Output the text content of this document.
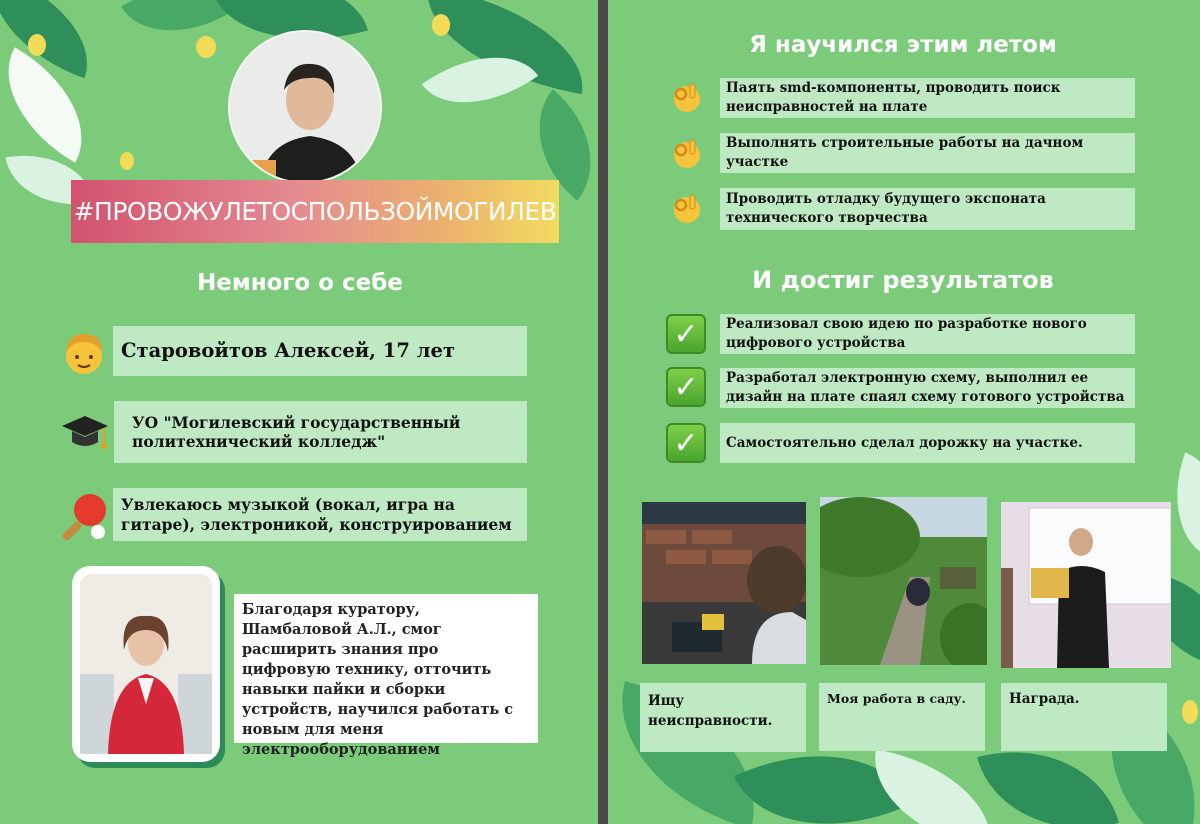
#ПРОВОЖУЛЕТОСПОЛЬЗОЙМОГИЛЕВ
Немного о себе
Старовойтов Алексей, 17 лет
УО "Могилевский государственный политехнический колледж"
Увлекаюсь музыкой (вокал, игра на гитаре), электроникой, конструированием
Благодаря куратору, Шамбаловой А.Л., смог расширить знания про цифровую технику, отточить навыки пайки и сборки устройств, научился работать с новым для меня электрооборудованием
Я научился этим летом
Паять smd-компоненты, проводить поиск неисправностей на плате
Выполнять строительные работы на дачном участке
Проводить отладку будущего экспоната технического творчества
И достиг результатов
✓	Реализовал свою идею по разработке нового цифрового устройства
✓	Разработал электронную схему, выполнил ее дизайн на плате спаял схему готового устройства
✓	Самостоятельно сделал дорожку на участке.
Ищу неисправности.
Моя работа в саду.	Награда.
